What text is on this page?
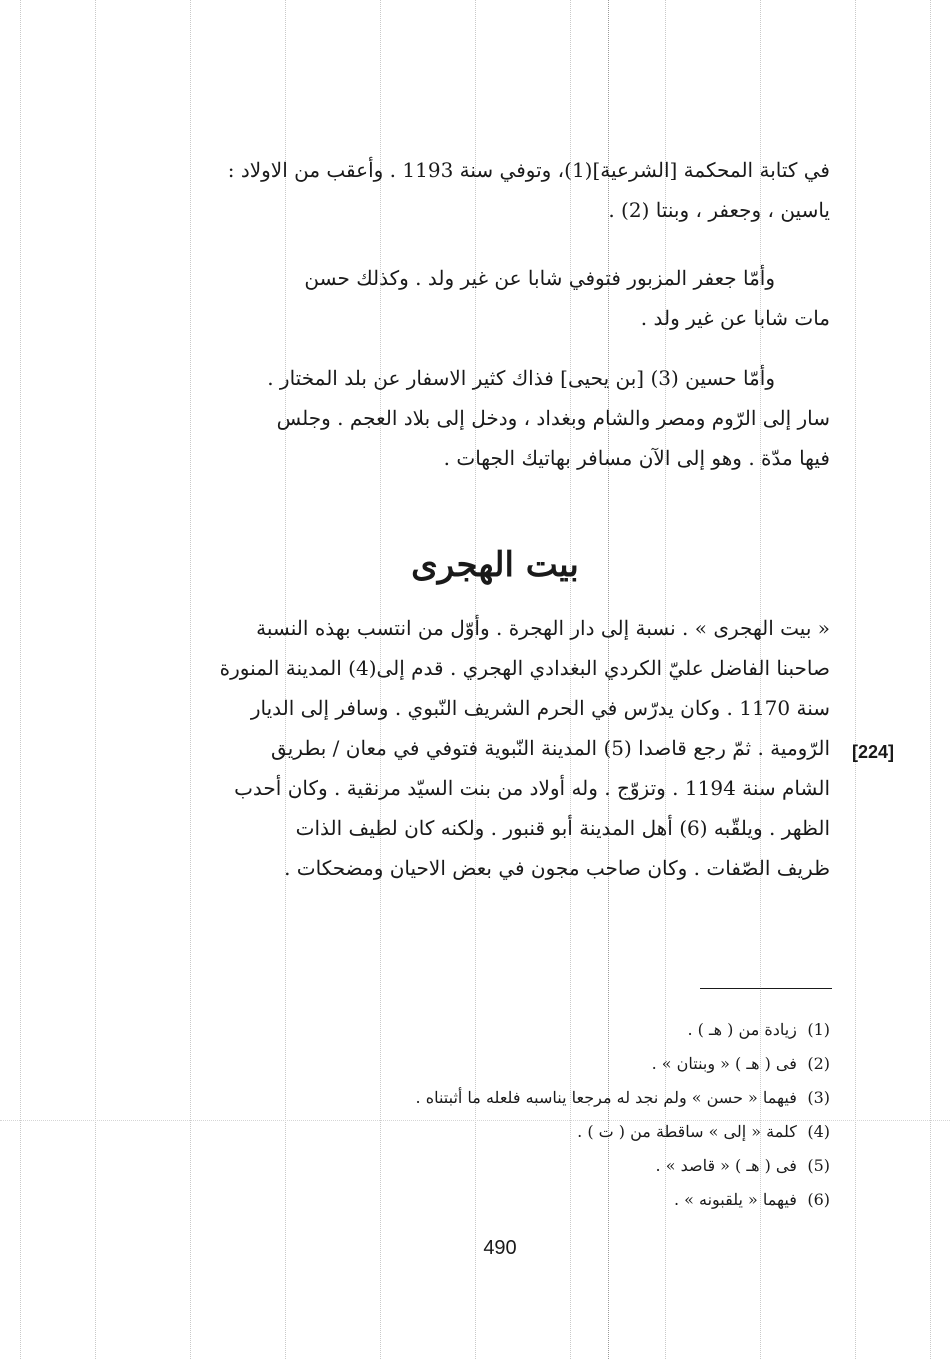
في كتابة المحكمة [الشرعية](1)، وتوفي سنة 1193 . وأعقب من الاولاد :
ياسين ، وجعفر ، وبنتا (2) .
وأمّا جعفر المزبور فتوفي شابا عن غير ولد . وكذلك حسن
مات شابا عن غير ولد .
وأمّا حسين (3) [بن يحيى] فذاك كثير الاسفار عن بلد المختار .
سار إلى الرّوم ومصر والشام وبغداد ، ودخل إلى بلاد العجم . وجلس
فيها مدّة . وهو إلى الآن مسافر بهاتيك الجهات .
بيت الهجرى
« بيت الهجرى » . نسبة إلى دار الهجرة . وأوّل من انتسب بهذه النسبة
صاحبنا الفاضل عليّ الكردي البغدادي الهجري . قدم إلى(4) المدينة المنورة
سنة 1170 . وكان يدرّس في الحرم الشريف النّبوي . وسافر إلى الديار
الرّومية . ثمّ رجع قاصدا (5) المدينة النّبوية فتوفي في معان / بطريق
الشام سنة 1194 . وتزوّج . وله أولاد من بنت السيّد مرنقية . وكان أحدب
الظهر . ويلقّبه (6) أهل المدينة أبو قنبور . ولكنه كان لطيف الذات
ظريف الصّفات . وكان صاحب مجون في بعض الاحيان ومضحكات .
[224]
(1) زيادة من ( هـ ) .
(2) فى ( هـ ) « وبنتان » .
(3) فيهما « حسن » ولم نجد له مرجعا يناسبه فلعله ما أثبتناه .
(4) كلمة « إلى » ساقطة من ( ت ) .
(5) فى ( هـ ) « قاصد » .
(6) فيهما « يلقبونه » .
490
